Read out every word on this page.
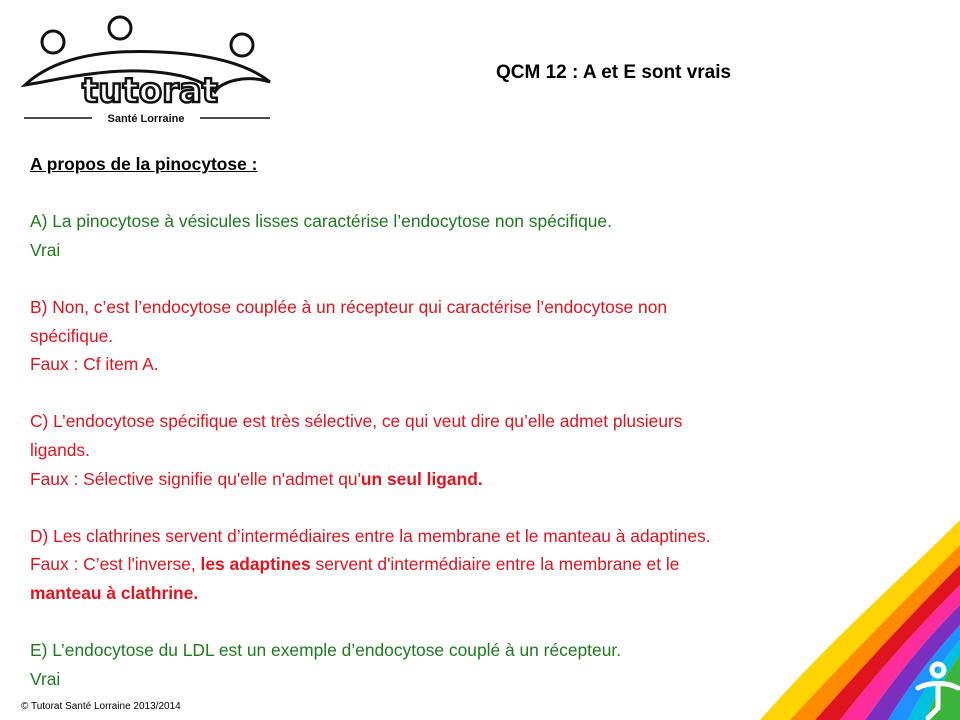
tutorat
Santé Lorraine
QCM 12 : A et E sont vrais

A propos de la pinocytose :

A) La pinocytose à vésicules lisses caractérise l’endocytose non spécifique.

Vrai

B) Non, c’est l’endocytose couplée à un récepteur qui caractérise l’endocytose non

spécifique.

Faux : Cf item A.

C) L’endocytose spécifique est très sélective, ce qui veut dire qu’elle admet plusieurs

ligands.

Faux : Sélective signifie qu'elle n'admet qu'un seul ligand.

D) Les clathrines servent d’intermédiaires entre la membrane et le manteau à adaptines.

Faux : C’est l'inverse, les adaptines servent d'intermédiaire entre la membrane et le

manteau à clathrine.

E) L’endocytose du LDL est un exemple d’endocytose couplé à un récepteur.

Vrai

© Tutorat Santé Lorraine 2013/2014
